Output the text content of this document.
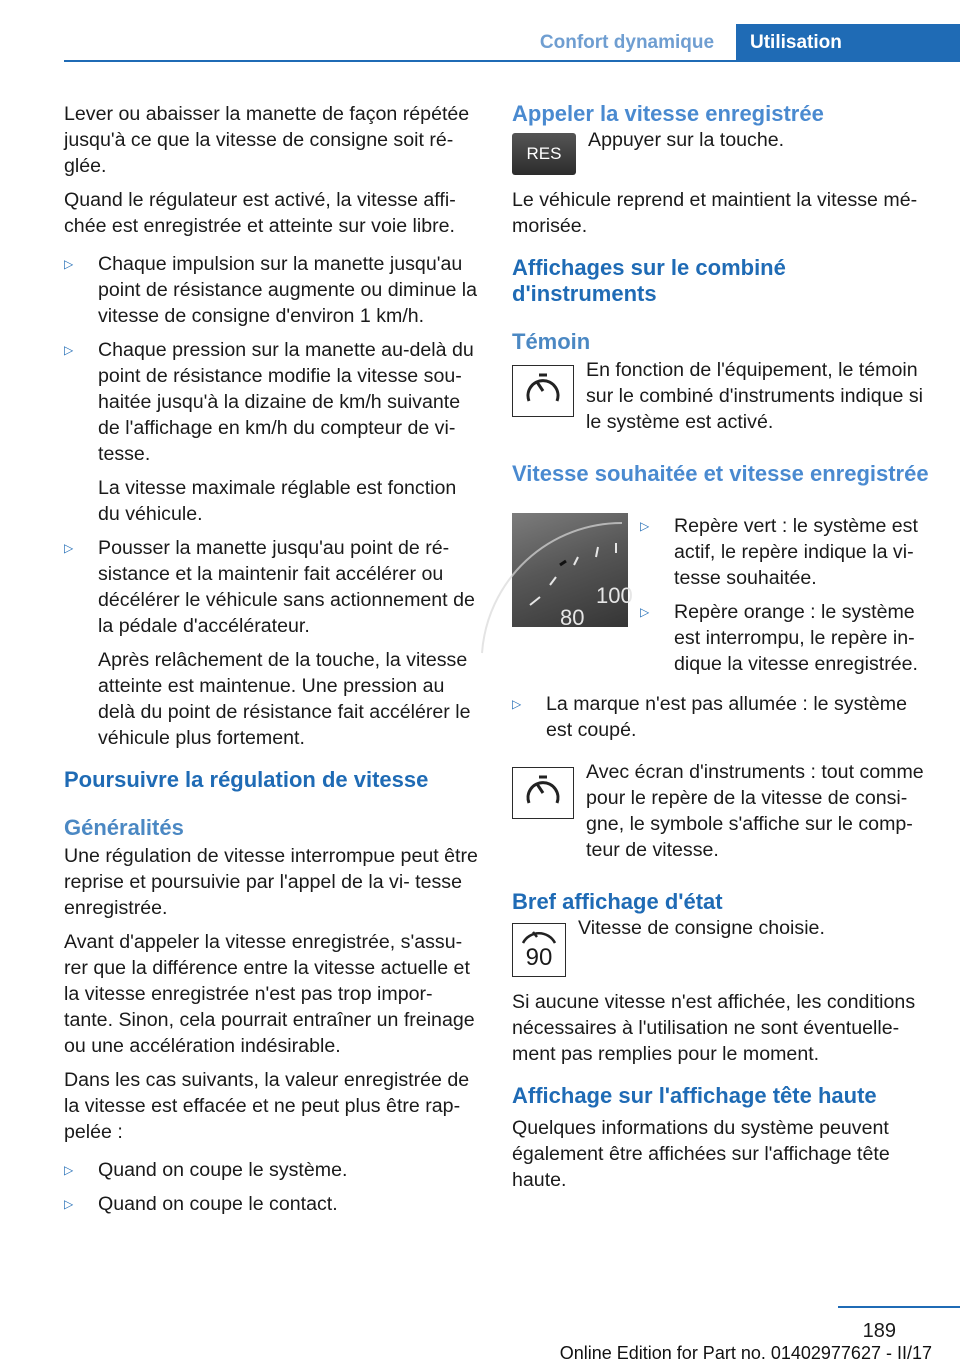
Confort dynamique	Utilisation

Lever ou abaisser la manette de façon répétée jusqu'à ce que la vitesse de consigne soit ré- glée.

Quand le régulateur est activé, la vitesse affi- chée est enregistrée et atteinte sur voie libre.

▷ Chaque impulsion sur la manette jusqu'au point de résistance augmente ou diminue la vitesse de consigne d'environ 1 km/h.

▷ Chaque pression sur la manette au-delà du point de résistance modifie la vitesse sou- haitée jusqu'à la dizaine de km/h suivante de l'affichage en km/h du compteur de vi- tesse.

La vitesse maximale réglable est fonction du véhicule.

▷ Pousser la manette jusqu'au point de ré- sistance et la maintenir fait accélérer ou décélérer le véhicule sans actionnement de la pédale d'accélérateur.

Après relâchement de la touche, la vitesse atteinte est maintenue. Une pression au delà du point de résistance fait accélérer le véhicule plus fortement.

Poursuivre la régulation de vitesse
Généralités

Une régulation de vitesse interrompue peut être reprise et poursuivie par l'appel de la vi- tesse enregistrée.

Avant d'appeler la vitesse enregistrée, s'assu- rer que la différence entre la vitesse actuelle et la vitesse enregistrée n'est pas trop impor- tante. Sinon, cela pourrait entraîner un freinage ou une accélération indésirable.

Dans les cas suivants, la valeur enregistrée de la vitesse est effacée et ne peut plus être rap- pelée :

▷ Quand on coupe le système.

▷ Quand on coupe le contact.

Appeler la vitesse enregistrée
RES

Appuyer sur la touche.

Le véhicule reprend et maintient la vitesse mé- morisée.

Affichages sur le combiné d'instruments
Témoin

En fonction de l'équipement, le témoin sur le combiné d'instruments indique si le système est activé.

Vitesse souhaitée et vitesse enregistrée
100
80
▷ Repère vert : le système est actif, le repère indique la vi- tesse souhaitée.

▷ Repère orange : le système est interrompu, le repère in- dique la vitesse enregistrée.

▷ La marque n'est pas allumée : le système est coupé.

Avec écran d'instruments : tout comme pour le repère de la vitesse de consi- gne, le symbole s'affiche sur le comp- teur de vitesse.

Bref affichage d'état
90

Vitesse de consigne choisie.

Si aucune vitesse n'est affichée, les conditions nécessaires à l'utilisation ne sont éventuelle- ment pas remplies pour le moment.

Affichage sur l'affichage tête haute

Quelques informations du système peuvent également être affichées sur l'affichage tête haute.

189
Online Edition for Part no. 01402977627 - II/17
